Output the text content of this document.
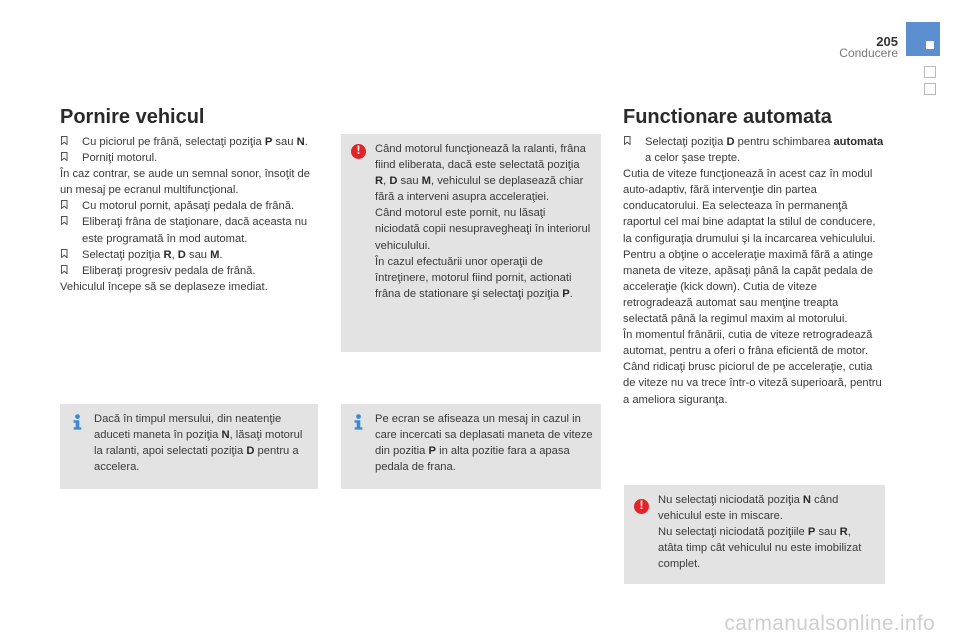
205
Conducere
Pornire vehicul
Cu piciorul pe frână, selectaţi poziţia P sau N.
Porniţi motorul.
În caz contrar, se aude un semnal sonor, însoţit de un mesaj pe ecranul multifuncţional.
Cu motorul pornit, apăsaţi pedala de frână.
Eliberaţi frâna de staţionare, dacă aceasta nu este programată în mod automat.
Selectaţi poziţia R, D sau M.
Eliberaţi progresiv pedala de frână.
Vehiculul începe să se deplaseze imediat.
Dacă în timpul mersului, din neatenţie aduceti maneta în poziţia N, lăsaţi motorul la ralanti, apoi selectati poziţia D pentru a accelera.
!

Când motorul funcţionează la ralanti, frâna fiind eliberata, dacă este selectată poziţia R, D sau M, vehiculul se deplasează chiar fără a interveni asupra acceleraţiei.

Când motorul este pornit, nu lăsaţi niciodată copii nesupravegheaţi în interiorul vehiculului.

În cazul efectuării unor operaţii de întreţinere, motorul fiind pornit, actionati frâna de stationare şi selectaţi poziţia P.

Pe ecran se afiseaza un mesaj in cazul in care incercati sa deplasati maneta de viteze din pozitia P in alta pozitie fara a apasa pedala de frana.
Functionare automata
Selectaţi poziţia D pentru schimbarea automata a celor şase trepte.
Cutia de viteze funcţionează în acest caz în modul auto-adaptiv, fără intervenţie din partea conducatorului. Ea selecteaza în permanenţă raportul cel mai bine adaptat la stilul de conducere, la configuraţia drumului şi la incarcarea vehiculului.
Pentru a obţine o acceleraţie maximă fără a atinge maneta de viteze, apăsaţi până la capăt pedala de acceleraţie (kick down). Cutia de viteze retrogradează automat sau menţine treapta selectată până la regimul maxim al motorului.
În momentul frânării, cutia de viteze retrogradează automat, pentru a oferi o frâna eficientă de motor.
Când ridicaţi brusc piciorul de pe acceleraţie, cutia de viteze nu va trece într-o viteză superioară, pentru a ameliora siguranţa.
!

Nu selectaţi niciodată poziţia N când vehiculul este in miscare.

Nu selectaţi niciodată poziţiile P sau R, atâta timp cât vehiculul nu este imobilizat complet.

carmanualsonline.info
